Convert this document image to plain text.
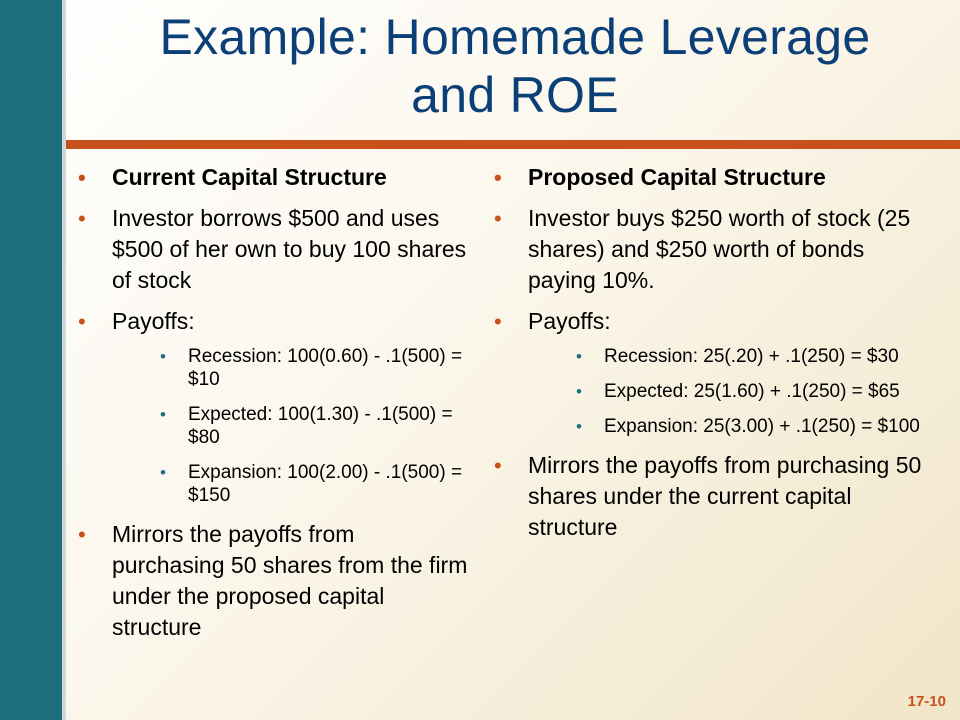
Example: Homemade Leverage
and ROE
• Current Capital Structure
• Investor borrows $500 and uses $500 of her own to buy 100 shares of stock
• Payoffs:
• Recession: 100(0.60) - .1(500) = $10
• Expected: 100(1.30) - .1(500) = $80
• Expansion: 100(2.00) - .1(500) = $150
• Mirrors the payoffs from purchasing 50 shares from the firm under the proposed capital structure
• Proposed Capital Structure
• Investor buys $250 worth of stock (25 shares) and $250 worth of bonds paying 10%.
• Payoffs:
• Recession: 25(.20) + .1(250) = $30
• Expected: 25(1.60) + .1(250) = $65
• Expansion: 25(3.00) + .1(250) = $100
• Mirrors the payoffs from purchasing 50 shares under the current capital structure
17-10
